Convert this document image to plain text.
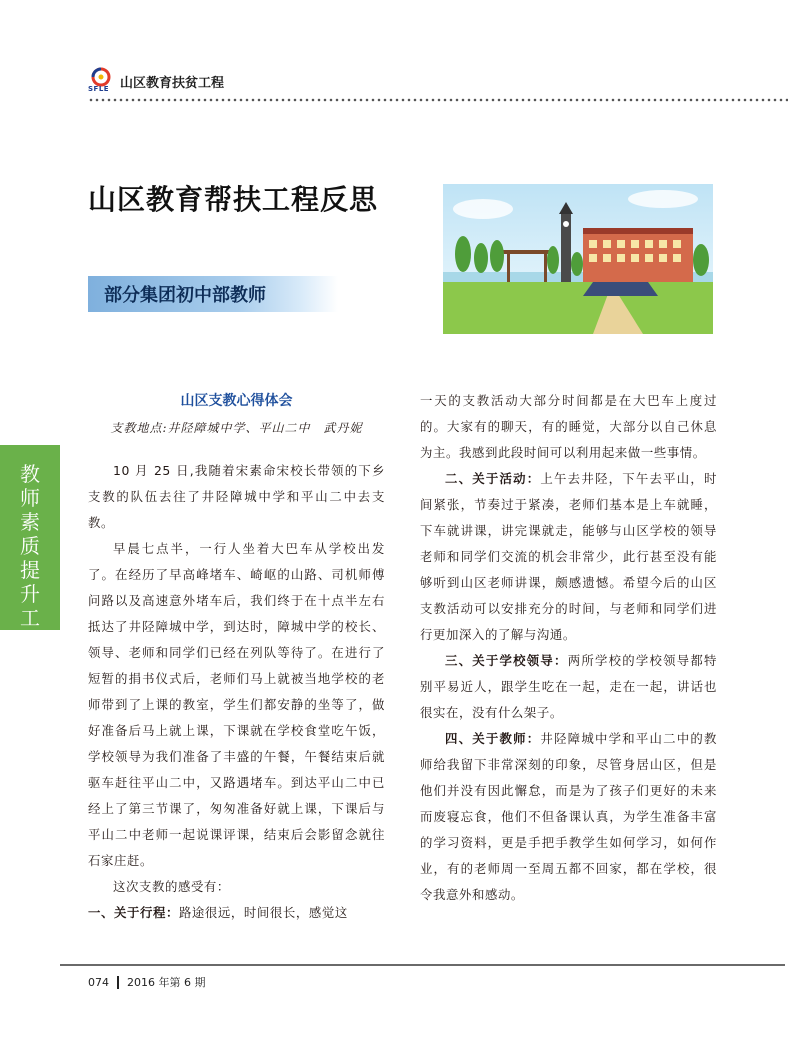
SFLE 山区教育扶贫工程
山区教育帮扶工程反思
部分集团初中部教师
教师素质提升工程
山区支教心得体会
支教地点:井陉障城中学、平山二中　武丹妮

10 月 25 日,我随着宋素命宋校长带领的下乡支教的队伍去往了井陉障城中学和平山二中去支教。

早晨七点半，一行人坐着大巴车从学校出发了。在经历了早高峰堵车、崎岖的山路、司机师傅问路以及高速意外堵车后，我们终于在十点半左右抵达了井陉障城中学，到达时，障城中学的校长、领导、老师和同学们已经在列队等待了。在进行了短暂的捐书仪式后，老师们马上就被当地学校的老师带到了上课的教室，学生们都安静的坐等了，做好准备后马上就上课，下课就在学校食堂吃午饭，学校领导为我们准备了丰盛的午餐，午餐结束后就驱车赶往平山二中，又路遇堵车。到达平山二中已经上了第三节课了，匆匆准备好就上课，下课后与平山二中老师一起说课评课，结束后会影留念就往石家庄赶。

这次支教的感受有：

一、关于行程：路途很远，时间很长，感觉这

一天的支教活动大部分时间都是在大巴车上度过的。大家有的聊天，有的睡觉，大部分以自己休息为主。我感到此段时间可以利用起来做一些事情。

二、关于活动：上午去井陉，下午去平山，时间紧张，节奏过于紧凑，老师们基本是上车就睡，下车就讲课，讲完课就走，能够与山区学校的领导老师和同学们交流的机会非常少，此行甚至没有能够听到山区老师讲课，颇感遗憾。希望今后的山区支教活动可以安排充分的时间，与老师和同学们进行更加深入的了解与沟通。

三、关于学校领导：两所学校的学校领导都特别平易近人，跟学生吃在一起，走在一起，讲话也很实在，没有什么架子。

四、关于教师：井陉障城中学和平山二中的教师给我留下非常深刻的印象，尽管身居山区，但是他们并没有因此懈怠，而是为了孩子们更好的未来而废寝忘食，他们不但备课认真，为学生准备丰富的学习资料，更是手把手教学生如何学习，如何作业，有的老师周一至周五都不回家，都在学校，很令我意外和感动。

074 2016 年第 6 期
